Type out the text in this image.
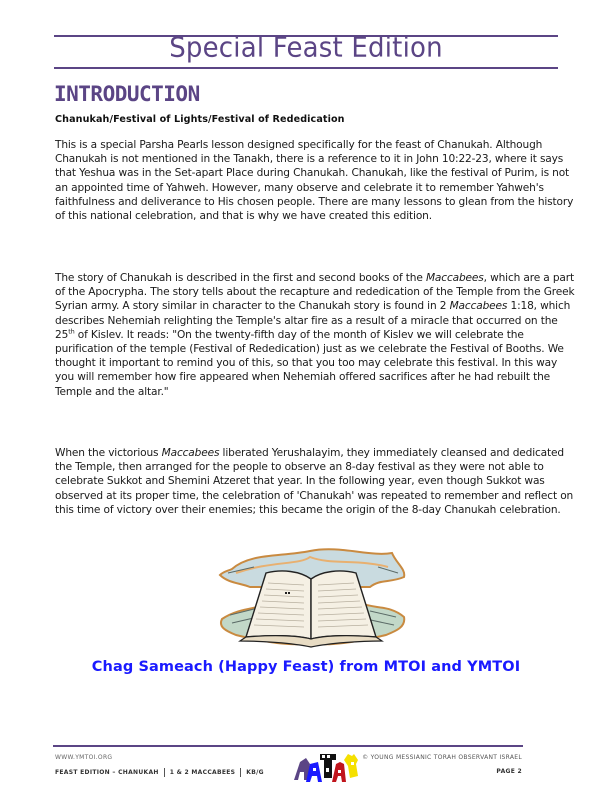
Special Feast Edition
INTRODUCTION
Chanukah/Festival of Lights/Festival of Rededication

This is a special Parsha Pearls lesson designed specifically for the feast of Chanukah. Although Chanukah is not mentioned in the Tanakh, there is a reference to it in John 10:22-23, where it says that Yeshua was in the Set-apart Place during Chanukah. Chanukah, like the festival of Purim, is not an appointed time of Yahweh. However, many observe and celebrate it to remember Yahweh's faithfulness and deliverance to His chosen people. There are many lessons to glean from the history of this national celebration, and that is why we have created this edition.

The story of Chanukah is described in the first and second books of the Maccabees, which are a part of the Apocrypha. The story tells about the recapture and rededication of the Temple from the Greek Syrian army. A story similar in character to the Chanukah story is found in 2 Maccabees 1:18, which describes Nehemiah relighting the Temple's altar fire as a result of a miracle that occurred on the 25th of Kislev. It reads: "On the twenty-fifth day of the month of Kislev we will celebrate the purification of the temple (Festival of Rededication) just as we celebrate the Festival of Booths. We thought it important to remind you of this, so that you too may celebrate this festival. In this way you will remember how fire appeared when Nehemiah offered sacrifices after he had rebuilt the Temple and the altar."

When the victorious Maccabees liberated Yerushalayim, they immediately cleansed and dedicated the Temple, then arranged for the people to observe an 8-day festival as they were not able to celebrate Sukkot and Shemini Atzeret that year. In the following year, even though Sukkot was observed at its proper time, the celebration of 'Chanukah' was repeated to remember and reflect on this time of victory over their enemies; this became the origin of the 8-day Chanukah celebration.

Chag Sameach (Happy Feast) from MTOI and YMTOI
WWW.YMTOI.ORG
FEAST EDITION – CHANUKAH 1 & 2 MACCABEES KB/G
© YOUNG MESSIANIC TORAH OBSERVANT ISRAEL
PAGE 2
